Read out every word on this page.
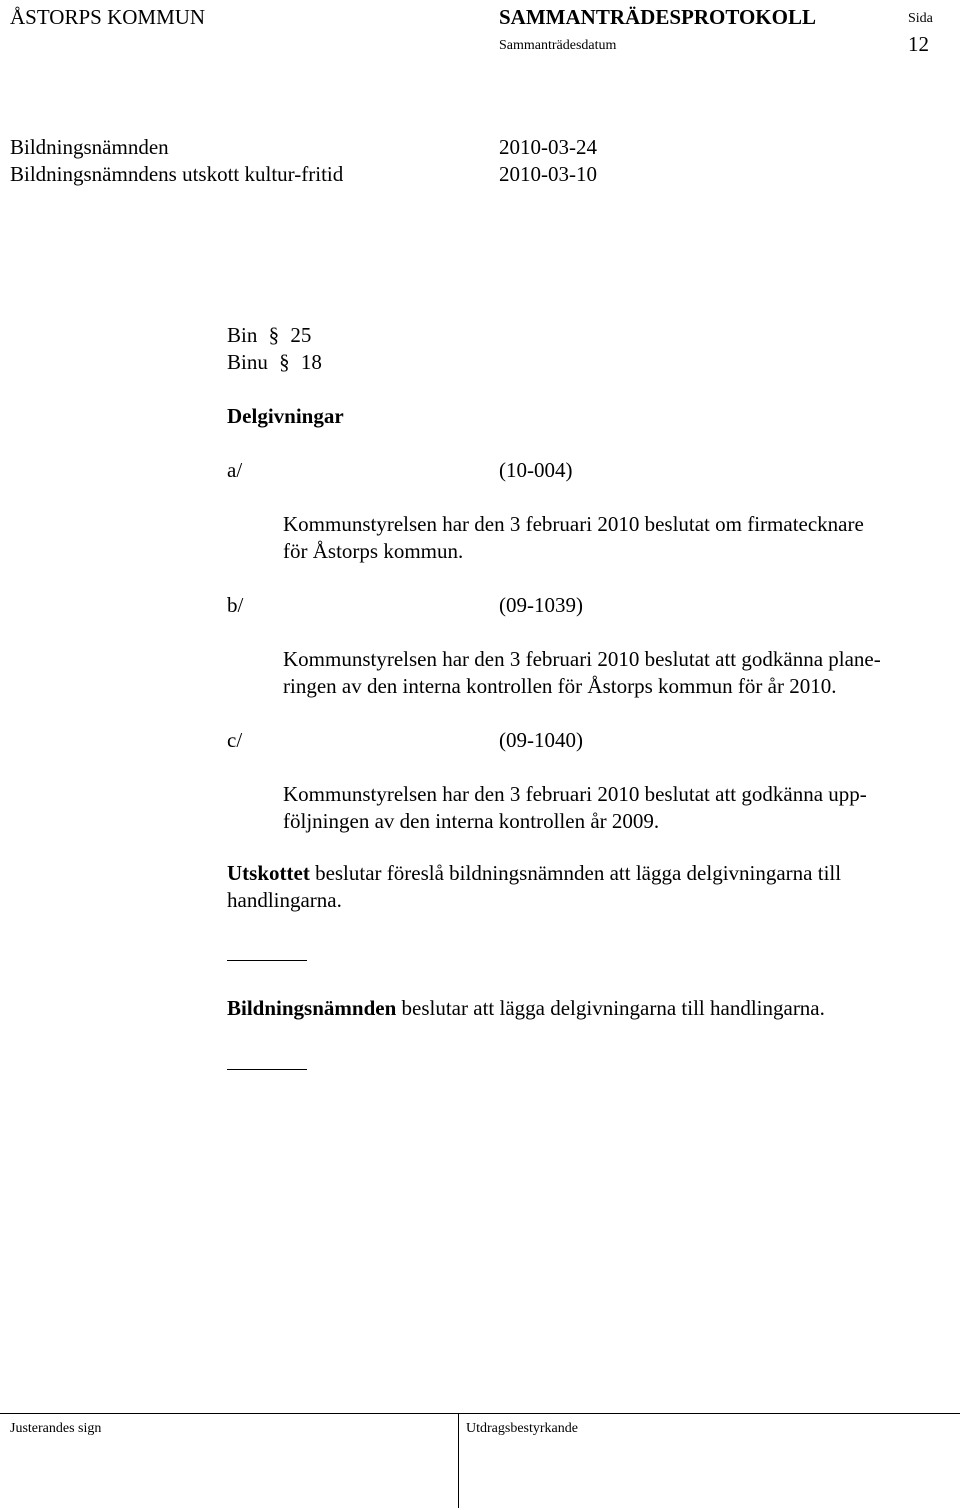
ÅSTORPS KOMMUN	SAMMANTRÄDESPROTOKOLL	Sida
Sammanträdesdatum	12
Bildningsnämnden	2010-03-24
Bildningsnämndens utskott kultur-fritid	2010-03-10
Bin § 25
Binu § 18
Delgivningar
a/	(10-004)
Kommunstyrelsen har den 3 februari 2010 beslutat om firmatecknare
för Åstorps kommun.
b/	(09-1039)
Kommunstyrelsen har den 3 februari 2010 beslutat att godkänna plane-
ringen av den interna kontrollen för Åstorps kommun för år 2010.
c/	(09-1040)
Kommunstyrelsen har den 3 februari 2010 beslutat att godkänna upp-
följningen av den interna kontrollen år 2009.
Utskottet beslutar föreslå bildningsnämnden att lägga delgivningarna till
handlingarna.
Bildningsnämnden beslutar att lägga delgivningarna till handlingarna.
Justerandes sign	Utdragsbestyrkande
